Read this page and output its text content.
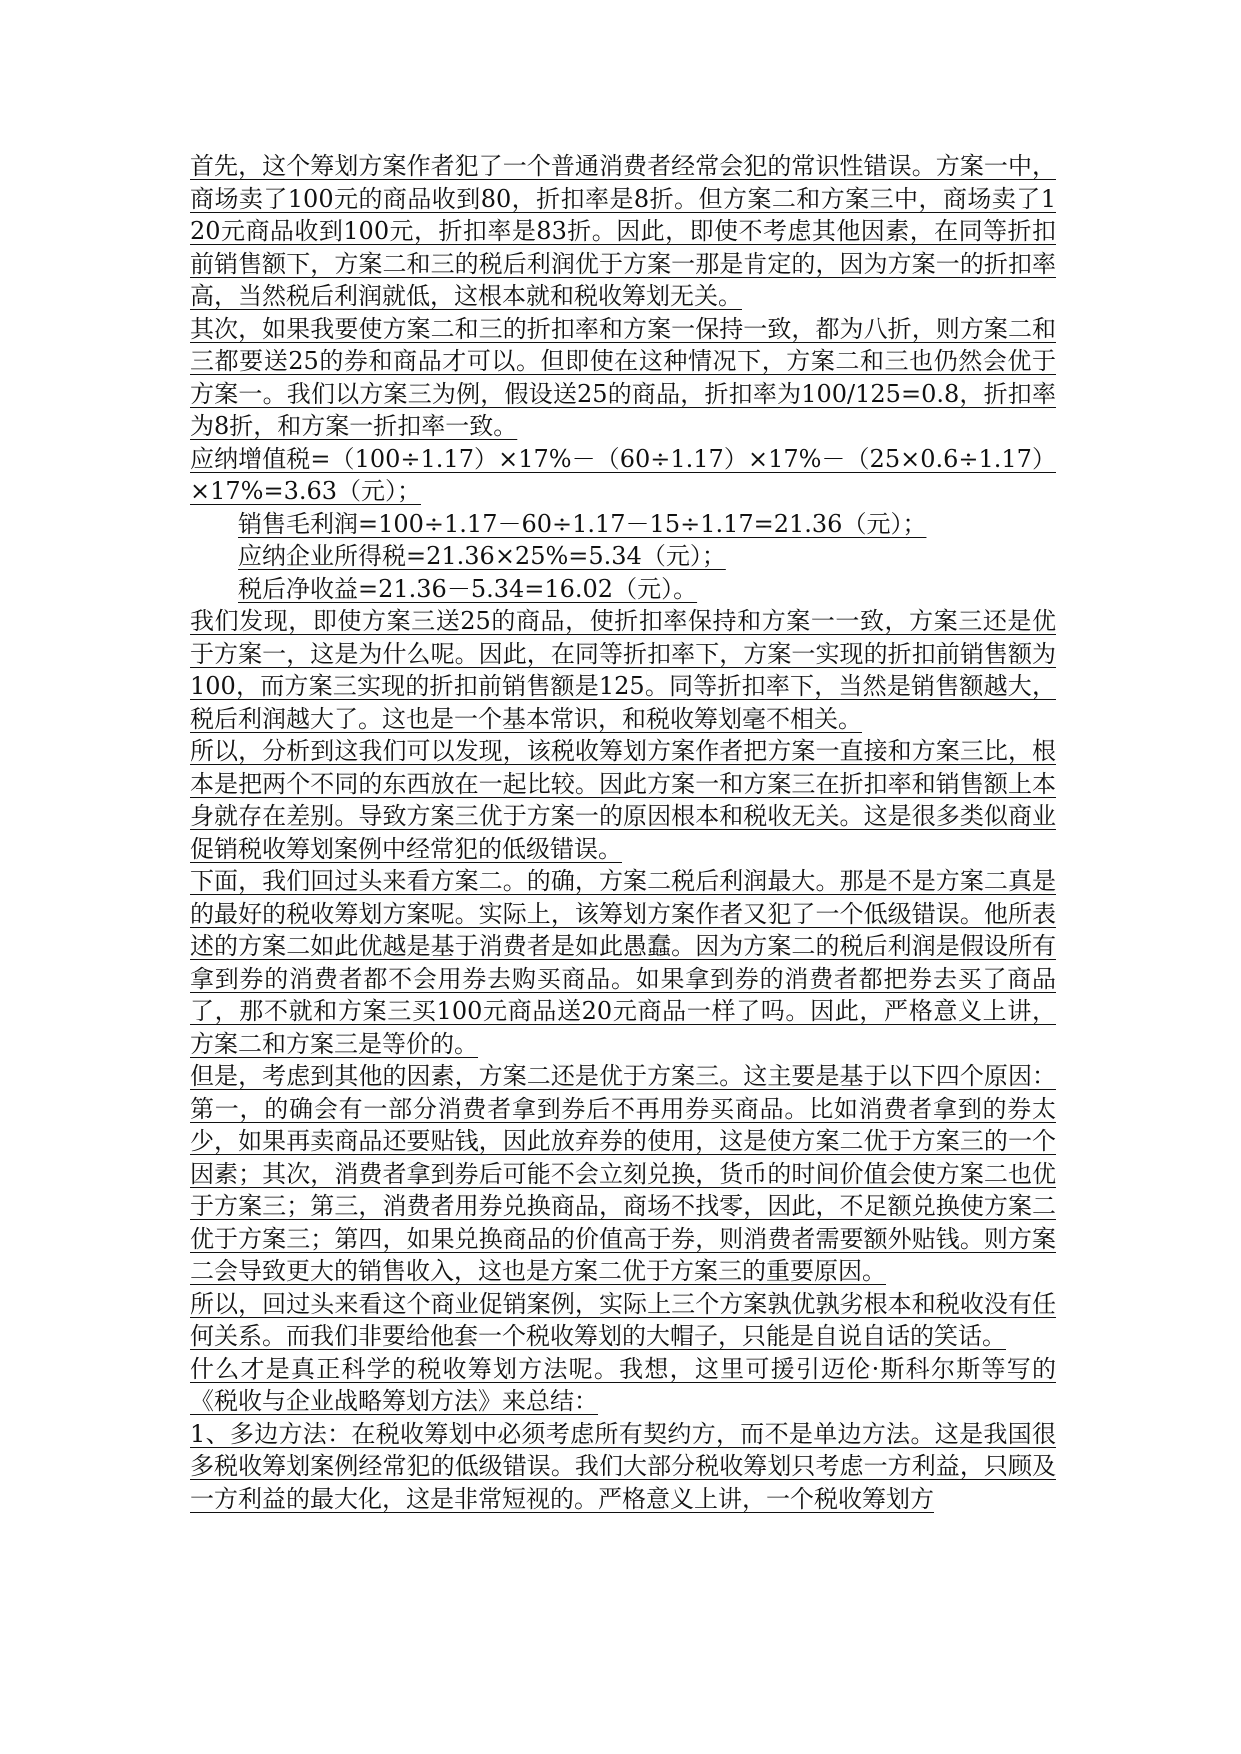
首先，这个筹划方案作者犯了一个普通消费者经常会犯的常识性错误。方案一中，商场卖了100元的商品收到80，折扣率是8折。但方案二和方案三中，商场卖了120元商品收到100元，折扣率是83折。因此，即使不考虑其他因素，在同等折扣前销售额下，方案二和三的税后利润优于方案一那是肯定的，因为方案一的折扣率高，当然税后利润就低，这根本就和税收筹划无关。

其次，如果我要使方案二和三的折扣率和方案一保持一致，都为八折，则方案二和三都要送25的券和商品才可以。但即使在这种情况下，方案二和三也仍然会优于方案一。我们以方案三为例，假设送25的商品，折扣率为100/125=0.8，折扣率为8折，和方案一折扣率一致。

应纳增值税=（100÷1.17）×17%－（60÷1.17）×17%－（25×0.6÷1.17）×17%=3.63（元）；

销售毛利润=100÷1.17－60÷1.17－15÷1.17=21.36（元）；

应纳企业所得税=21.36×25%=5.34（元）；

税后净收益=21.36－5.34=16.02（元）。

我们发现，即使方案三送25的商品，使折扣率保持和方案一一致，方案三还是优于方案一，这是为什么呢。因此，在同等折扣率下，方案一实现的折扣前销售额为100，而方案三实现的折扣前销售额是125。同等折扣率下，当然是销售额越大，税后利润越大了。这也是一个基本常识，和税收筹划毫不相关。

所以，分析到这我们可以发现，该税收筹划方案作者把方案一直接和方案三比，根本是把两个不同的东西放在一起比较。因此方案一和方案三在折扣率和销售额上本身就存在差别。导致方案三优于方案一的原因根本和税收无关。这是很多类似商业促销税收筹划案例中经常犯的低级错误。

下面，我们回过头来看方案二。的确，方案二税后利润最大。那是不是方案二真是的最好的税收筹划方案呢。实际上，该筹划方案作者又犯了一个低级错误。他所表述的方案二如此优越是基于消费者是如此愚蠢。因为方案二的税后利润是假设所有拿到券的消费者都不会用券去购买商品。如果拿到券的消费者都把券去买了商品了，那不就和方案三买100元商品送20元商品一样了吗。因此，严格意义上讲，方案二和方案三是等价的。

但是，考虑到其他的因素，方案二还是优于方案三。这主要是基于以下四个原因：第一，的确会有一部分消费者拿到券后不再用券买商品。比如消费者拿到的券太少，如果再卖商品还要贴钱，因此放弃券的使用，这是使方案二优于方案三的一个因素；其次，消费者拿到券后可能不会立刻兑换，货币的时间价值会使方案二也优于方案三；第三，消费者用券兑换商品，商场不找零，因此，不足额兑换使方案二优于方案三；第四，如果兑换商品的价值高于券，则消费者需要额外贴钱。则方案二会导致更大的销售收入，这也是方案二优于方案三的重要原因。

所以，回过头来看这个商业促销案例，实际上三个方案孰优孰劣根本和税收没有任何关系。而我们非要给他套一个税收筹划的大帽子，只能是自说自话的笑话。

什么才是真正科学的税收筹划方法呢。我想，这里可援引迈伦·斯科尔斯等写的《税收与企业战略筹划方法》来总结：

1、多边方法：在税收筹划中必须考虑所有契约方，而不是单边方法。这是我国很多税收筹划案例经常犯的低级错误。我们大部分税收筹划只考虑一方利益，只顾及一方利益的最大化，这是非常短视的。严格意义上讲，一个税收筹划方
